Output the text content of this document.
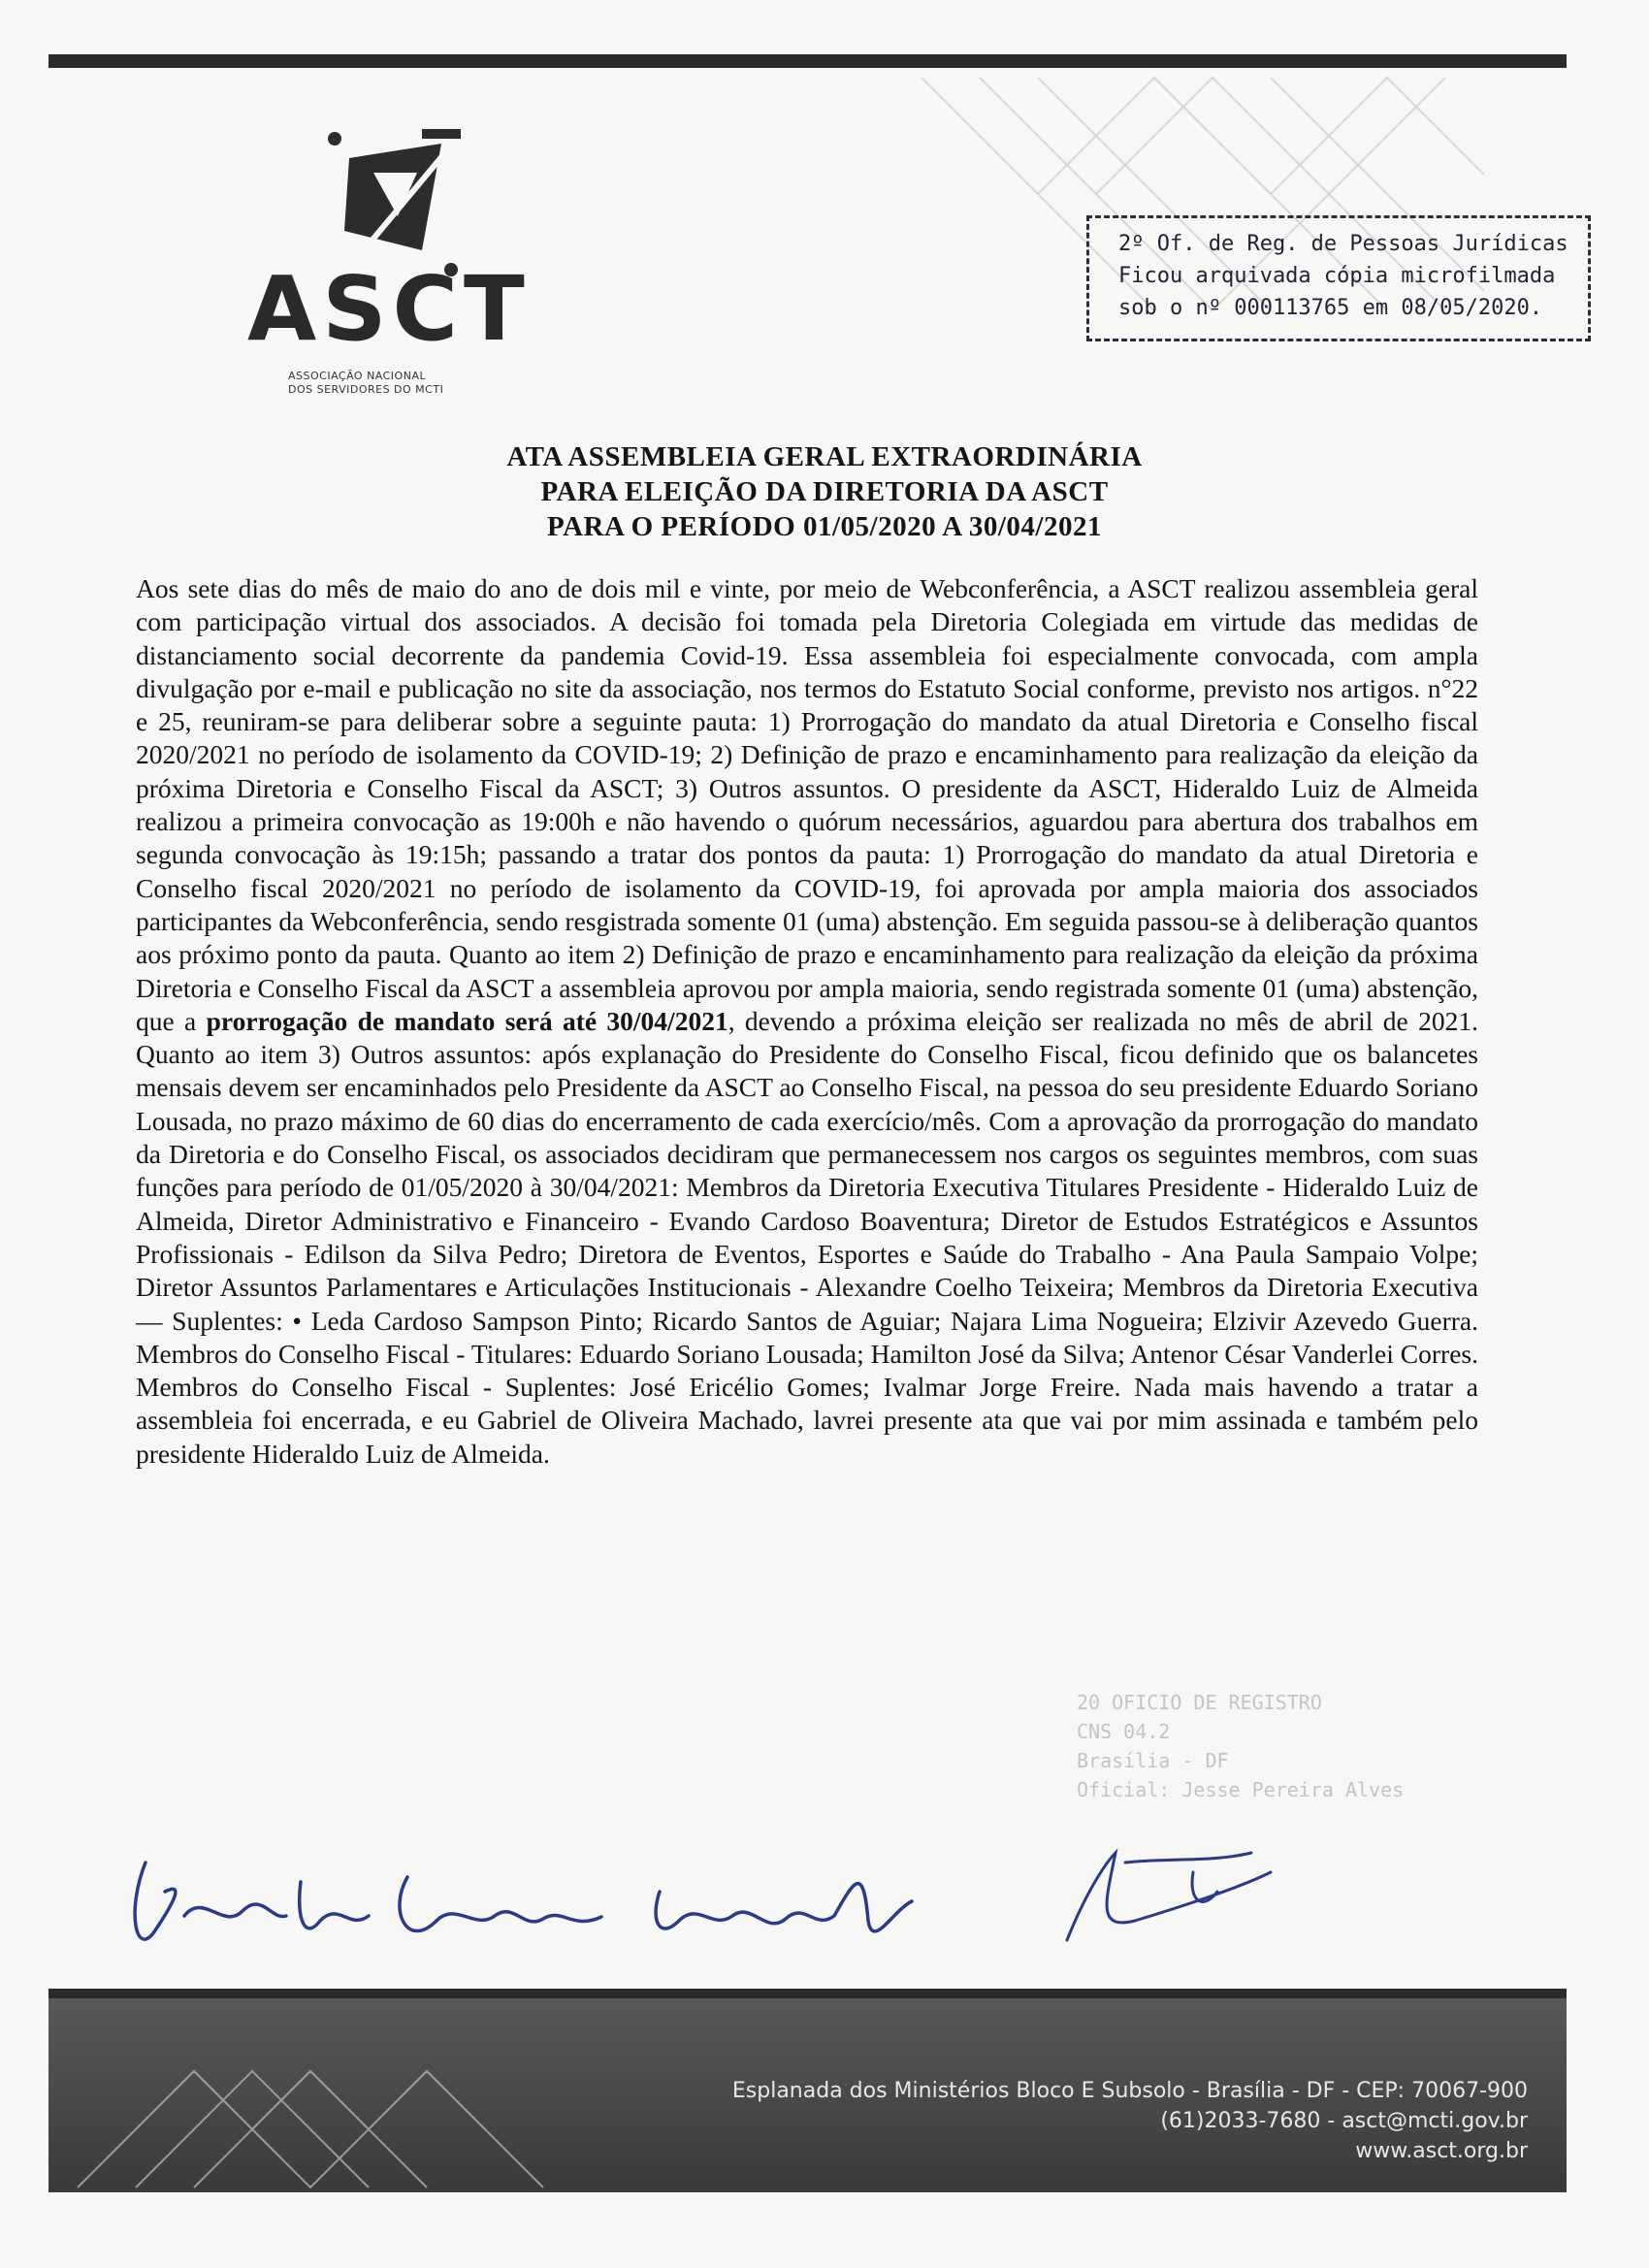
ASCT
ASSOCIAÇÃO NACIONAL
DOS SERVIDORES DO MCTI
2º Of. de Reg. de Pessoas Jurídicas
Ficou arquivada cópia microfilmada
sob o nº 000113765 em 08/05/2020.
ATA ASSEMBLEIA GERAL EXTRAORDINÁRIA
PARA ELEIÇÃO DA DIRETORIA DA ASCT
PARA O PERÍODO 01/05/2020 A 30/04/2021
Aos sete dias do mês de maio do ano de dois mil e vinte, por meio de Webconferência, a ASCT realizou assembleia geral com participação virtual dos associados. A decisão foi tomada pela Diretoria Colegiada em virtude das medidas de distanciamento social decorrente da pandemia Covid-19. Essa assembleia foi especialmente convocada, com ampla divulgação por e-mail e publicação no site da associação, nos termos do Estatuto Social conforme, previsto nos artigos. n°22 e 25, reuniram-se para deliberar sobre a seguinte pauta: 1) Prorrogação do mandato da atual Diretoria e Conselho fiscal 2020/2021 no período de isolamento da COVID-19; 2) Definição de prazo e encaminhamento para realização da eleição da próxima Diretoria e Conselho Fiscal da ASCT; 3) Outros assuntos. O presidente da ASCT, Hideraldo Luiz de Almeida realizou a primeira convocação as 19:00h e não havendo o quórum necessários, aguardou para abertura dos trabalhos em segunda convocação às 19:15h; passando a tratar dos pontos da pauta: 1) Prorrogação do mandato da atual Diretoria e Conselho fiscal 2020/2021 no período de isolamento da COVID-19, foi aprovada por ampla maioria dos associados participantes da Webconferência, sendo resgistrada somente 01 (uma) abstenção. Em seguida passou-se à deliberação quantos aos próximo ponto da pauta. Quanto ao item 2) Definição de prazo e encaminhamento para realização da eleição da próxima Diretoria e Conselho Fiscal da ASCT a assembleia aprovou por ampla maioria, sendo registrada somente 01 (uma) abstenção, que a prorrogação de mandato será até 30/04/2021, devendo a próxima eleição ser realizada no mês de abril de 2021. Quanto ao item 3) Outros assuntos: após explanação do Presidente do Conselho Fiscal, ficou definido que os balancetes mensais devem ser encaminhados pelo Presidente da ASCT ao Conselho Fiscal, na pessoa do seu presidente Eduardo Soriano Lousada, no prazo máximo de 60 dias do encerramento de cada exercício/mês. Com a aprovação da prorrogação do mandato da Diretoria e do Conselho Fiscal, os associados decidiram que permanecessem nos cargos os seguintes membros, com suas funções para período de 01/05/2020 à 30/04/2021: Membros da Diretoria Executiva Titulares Presidente - Hideraldo Luiz de Almeida, Diretor Administrativo e Financeiro - Evando Cardoso Boaventura; Diretor de Estudos Estratégicos e Assuntos Profissionais - Edilson da Silva Pedro; Diretora de Eventos, Esportes e Saúde do Trabalho - Ana Paula Sampaio Volpe; Diretor Assuntos Parlamentares e Articulações Institucionais - Alexandre Coelho Teixeira; Membros da Diretoria Executiva — Suplentes: • Leda Cardoso Sampson Pinto; Ricardo Santos de Aguiar; Najara Lima Nogueira; Elzivir Azevedo Guerra. Membros do Conselho Fiscal - Titulares: Eduardo Soriano Lousada; Hamilton José da Silva; Antenor César Vanderlei Corres. Membros do Conselho Fiscal - Suplentes: José Ericélio Gomes; Ivalmar Jorge Freire. Nada mais havendo a tratar a assembleia foi encerrada, e eu Gabriel de Oliveira Machado, lavrei presente ata que vai por mim assinada e também pelo presidente Hideraldo Luiz de Almeida.
20 OFICIO DE REGISTRO
CNS 04.2
Brasília - DF
Oficial: Jesse Pereira Alves
Esplanada dos Ministérios Bloco E Subsolo - Brasília - DF - CEP: 70067-900
(61)2033-7680 - asct@mcti.gov.br
www.asct.org.br
